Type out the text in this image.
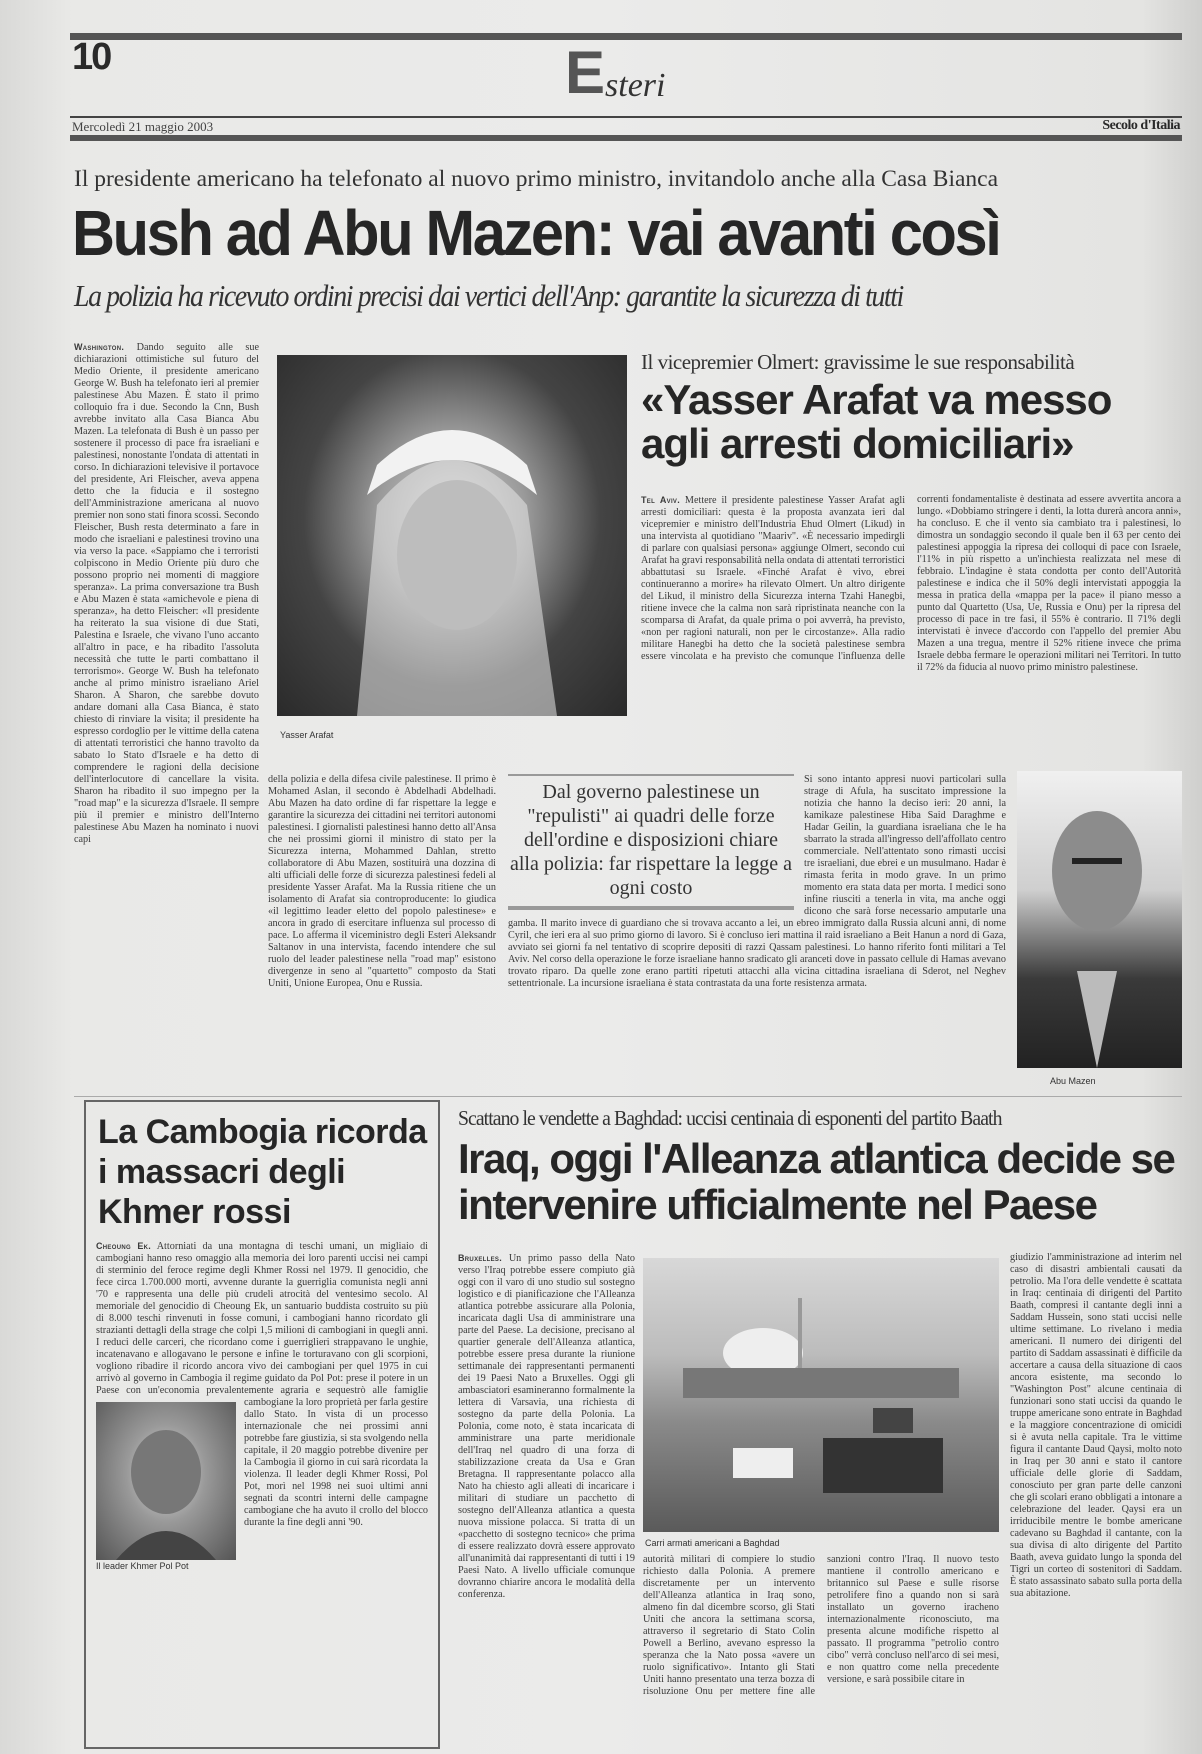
10	Esteri
Mercoledì 21 maggio 2003	Secolo d'Italia
Il presidente americano ha telefonato al nuovo primo ministro, invitandolo anche alla Casa Bianca
Bush ad Abu Mazen: vai avanti così
La polizia ha ricevuto ordini precisi dai vertici dell'Anp: garantite la sicurezza di tutti
Washington. Dando seguito alle sue dichiarazioni ottimistiche sul futuro del Medio Oriente, il presidente americano George W. Bush ha telefonato ieri al premier palestinese Abu Mazen. È stato il primo colloquio fra i due. Secondo la Cnn, Bush avrebbe invitato alla Casa Bianca Abu Mazen. La telefonata di Bush è un passo per sostenere il processo di pace fra israeliani e palestinesi, nonostante l'ondata di attentati in corso. In dichiarazioni televisive il portavoce del presidente, Ari Fleischer, aveva appena detto che la fiducia e il sostegno dell'Amministrazione americana al nuovo premier non sono stati finora scossi. Secondo Fleischer, Bush resta determinato a fare in modo che israeliani e palestinesi trovino una via verso la pace. «Sappiamo che i terroristi colpiscono in Medio Oriente più duro che possono proprio nei momenti di maggiore speranza». La prima conversazione tra Bush e Abu Mazen è stata «amichevole e piena di speranza», ha detto Fleischer: «Il presidente ha reiterato la sua visione di due Stati, Palestina e Israele, che vivano l'uno accanto all'altro in pace, e ha ribadito l'assoluta necessità che tutte le parti combattano il terrorismo». George W. Bush ha telefonato anche al primo ministro israeliano Ariel Sharon. A Sharon, che sarebbe dovuto andare domani alla Casa Bianca, è stato chiesto di rinviare la visita; il presidente ha espresso cordoglio per le vittime della catena di attentati terroristici che hanno travolto da sabato lo Stato d'Israele e ha detto di comprendere le ragioni della decisione dell'interlocutore di cancellare la visita. Sharon ha ribadito il suo impegno per la "road map" e la sicurezza d'Israele. Il sempre più il premier e ministro dell'Interno palestinese Abu Mazen ha nominato i nuovi capi
Yasser Arafat
della polizia e della difesa civile palestinese. Il primo è Mohamed Aslan, il secondo è Abdelhadi Abdelhadi. Abu Mazen ha dato ordine di far rispettare la legge e garantire la sicurezza dei cittadini nei territori autonomi palestinesi. I giornalisti palestinesi hanno detto all'Ansa che nei prossimi giorni il ministro di stato per la Sicurezza interna, Mohammed Dahlan, stretto collaboratore di Abu Mazen, sostituirà una dozzina di alti ufficiali delle forze di sicurezza palestinesi fedeli al presidente Yasser Arafat. Ma la Russia ritiene che un isolamento di Arafat sia controproducente: lo giudica «il legittimo leader eletto del popolo palestinese» e ancora in grado di esercitare influenza sul processo di pace. Lo afferma il viceministro degli Esteri Aleksandr Saltanov in una intervista, facendo intendere che sul ruolo del leader palestinese nella "road map" esistono divergenze in seno al "quartetto" composto da Stati Uniti, Unione Europea, Onu e Russia.
Dal governo palestinese un "repulisti" ai quadri delle forze dell'ordine e disposizioni chiare alla polizia: far rispettare la legge a ogni costo
Si sono intanto appresi nuovi particolari sulla strage di Afula, ha suscitato impressione la notizia che hanno la deciso ieri: 20 anni, la kamikaze palestinese Hiba Said Daraghme e Hadar Geilin, la guardiana israeliana che le ha sbarrato la strada all'ingresso dell'affollato centro commerciale. Nell'attentato sono rimasti uccisi tre israeliani, due ebrei e un musulmano. Hadar è rimasta ferita in modo grave. In un primo momento era stata data per morta. I medici sono infine riusciti a tenerla in vita, ma anche oggi dicono che sarà forse necessario amputarle una gamba. Il marito invece di guardiano che si trovava accanto a lei, un ebreo immigrato dalla Russia alcuni anni, di nome Cyril, che ieri era al suo primo giorno di lavoro. Si è concluso ieri mattina il raid israeliano a Beit Hanun a nord di Gaza, avviato sei giorni fa nel tentativo di scoprire depositi di razzi Qassam palestinesi. Lo hanno riferito fonti militari a Tel Aviv. Nel corso della operazione le forze israeliane hanno sradicato gli aranceti dove in passato cellule di Hamas avevano trovato riparo. Da quelle zone erano partiti ripetuti attacchi alla vicina cittadina israeliana di Sderot, nel Neghev settentrionale. La incursione israeliana è stata contrastata da una forte resistenza armata.
Abu Mazen
Il vicepremier Olmert: gravissime le sue responsabilità
«Yasser Arafat va messo agli arresti domiciliari»
Tel Aviv. Mettere il presidente palestinese Yasser Arafat agli arresti domiciliari: questa è la proposta avanzata ieri dal vicepremier e ministro dell'Industria Ehud Olmert (Likud) in una intervista al quotidiano "Maariv". «È necessario impedirgli di parlare con qualsiasi persona» aggiunge Olmert, secondo cui Arafat ha gravi responsabilità nella ondata di attentati terroristici abbattutasi su Israele. «Finché Arafat è vivo, ebrei continueranno a morire» ha rilevato Olmert. Un altro dirigente del Likud, il ministro della Sicurezza interna Tzahi Hanegbi, ritiene invece che la calma non sarà ripristinata neanche con la scomparsa di Arafat, da quale prima o poi avverrà, ha previsto, «non per ragioni naturali, non per le circostanze». Alla radio militare Hanegbi ha detto che la società palestinese sembra essere vincolata e ha previsto che comunque l'influenza delle correnti fondamentaliste è destinata ad essere avvertita ancora a lungo. «Dobbiamo stringere i denti, la lotta durerà ancora anni», ha concluso. E che il vento sia cambiato tra i palestinesi, lo dimostra un sondaggio secondo il quale ben il 63 per cento dei palestinesi appoggia la ripresa dei colloqui di pace con Israele, l'11% in più rispetto a un'inchiesta realizzata nel mese di febbraio. L'indagine è stata condotta per conto dell'Autorità palestinese e indica che il 50% degli intervistati appoggia la messa in pratica della «mappa per la pace» il piano messo a punto dal Quartetto (Usa, Ue, Russia e Onu) per la ripresa del processo di pace in tre fasi, il 55% è contrario. Il 71% degli intervistati è invece d'accordo con l'appello del premier Abu Mazen a una tregua, mentre il 52% ritiene invece che prima Israele debba fermare le operazioni militari nei Territori. In tutto il 72% da fiducia al nuovo primo ministro palestinese.
La Cambogia ricorda i massacri degli Khmer rossi
Il leader Khmer Pol Pot
Cheoung Ek. Attorniati da una montagna di teschi umani, un migliaio di cambogiani hanno reso omaggio alla memoria dei loro parenti uccisi nei campi di sterminio del feroce regime degli Khmer Rossi nel 1979. Il genocidio, che fece circa 1.700.000 morti, avvenne durante la guerriglia comunista negli anni '70 e rappresenta una delle più crudeli atrocità del ventesimo secolo. Al memoriale del genocidio di Cheoung Ek, un santuario buddista costruito su più di 8.000 teschi rinvenuti in fosse comuni, i cambogiani hanno ricordato gli strazianti dettagli della strage che colpì 1,5 milioni di cambogiani in quegli anni. I reduci delle carceri, che ricordano come i guerriglieri strappavano le unghie, incatenavano e allogavano le persone e infine le torturavano con gli scorpioni, vogliono ribadire il ricordo ancora vivo dei cambogiani per quel 1975 in cui arrivò al governo in Cambogia il regime guidato da Pol Pot: prese il potere in un Paese con un'economia prevalentemente agraria e sequestrò alle famiglie cambogiane la loro proprietà per farla gestire dallo Stato. In vista di un processo internazionale che nei prossimi anni potrebbe fare giustizia, si sta svolgendo nella capitale, il 20 maggio potrebbe divenire per la Cambogia il giorno in cui sarà ricordata la violenza. Il leader degli Khmer Rossi, Pol Pot, morì nel 1998 nei suoi ultimi anni segnati da scontri interni delle campagne cambogiane che ha avuto il crollo del blocco durante la fine degli anni '90.
Scattano le vendette a Baghdad: uccisi centinaia di esponenti del partito Baath
Iraq, oggi l'Alleanza atlantica decide se intervenire ufficialmente nel Paese
Bruxelles. Un primo passo della Nato verso l'Iraq potrebbe essere compiuto già oggi con il varo di uno studio sul sostegno logistico e di pianificazione che l'Alleanza atlantica potrebbe assicurare alla Polonia, incaricata dagli Usa di amministrare una parte del Paese. La decisione, precisano al quartier generale dell'Alleanza atlantica, potrebbe essere presa durante la riunione settimanale dei rappresentanti permanenti dei 19 Paesi Nato a Bruxelles. Oggi gli ambasciatori esamineranno formalmente la lettera di Varsavia, una richiesta di sostegno da parte della Polonia. La Polonia, come noto, è stata incaricata di amministrare una parte meridionale dell'Iraq nel quadro di una forza di stabilizzazione creata da Usa e Gran Bretagna. Il rappresentante polacco alla Nato ha chiesto agli alleati di incaricare i militari di studiare un pacchetto di sostegno dell'Alleanza atlantica a questa nuova missione polacca. Si tratta di un «pacchetto di sostegno tecnico» che prima di essere realizzato dovrà essere approvato all'unanimità dai rappresentanti di tutti i 19 Paesi Nato. A livello ufficiale comunque dovranno chiarire ancora le modalità della conferenza.
Carri armati americani a Baghdad
autorità militari di compiere lo studio richiesto dalla Polonia. A premere discretamente per un intervento dell'Alleanza atlantica in Iraq sono, almeno fin dal dicembre scorso, gli Stati Uniti che ancora la settimana scorsa, attraverso il segretario di Stato Colin Powell a Berlino, avevano espresso la speranza che la Nato possa «avere un ruolo significativo». Intanto gli Stati Uniti hanno presentato una terza bozza di risoluzione Onu per mettere fine alle sanzioni contro l'Iraq. Il nuovo testo mantiene il controllo americano e britannico sul Paese e sulle risorse petrolifere fino a quando non si sarà installato un governo iracheno internazionalmente riconosciuto, ma presenta alcune modifiche rispetto al passato. Il programma "petrolio contro cibo" verrà concluso nell'arco di sei mesi, e non quattro come nella precedente versione, e sarà possibile citare in
giudizio l'amministrazione ad interim nel caso di disastri ambientali causati da petrolio. Ma l'ora delle vendette è scattata in Iraq: centinaia di dirigenti del Partito Baath, compresi il cantante degli inni a Saddam Hussein, sono stati uccisi nelle ultime settimane. Lo rivelano i media americani. Il numero dei dirigenti del partito di Saddam assassinati è difficile da accertare a causa della situazione di caos ancora esistente, ma secondo lo "Washington Post" alcune centinaia di funzionari sono stati uccisi da quando le truppe americane sono entrate in Baghdad e la maggiore concentrazione di omicidi si è avuta nella capitale. Tra le vittime figura il cantante Daud Qaysi, molto noto in Iraq per 30 anni e stato il cantore ufficiale delle glorie di Saddam, conosciuto per gran parte delle canzoni che gli scolari erano obbligati a intonare a celebrazione del leader. Qaysi era un irriducibile mentre le bombe americane cadevano su Baghdad il cantante, con la sua divisa di alto dirigente del Partito Baath, aveva guidato lungo la sponda del Tigri un corteo di sostenitori di Saddam. È stato assassinato sabato sulla porta della sua abitazione.
